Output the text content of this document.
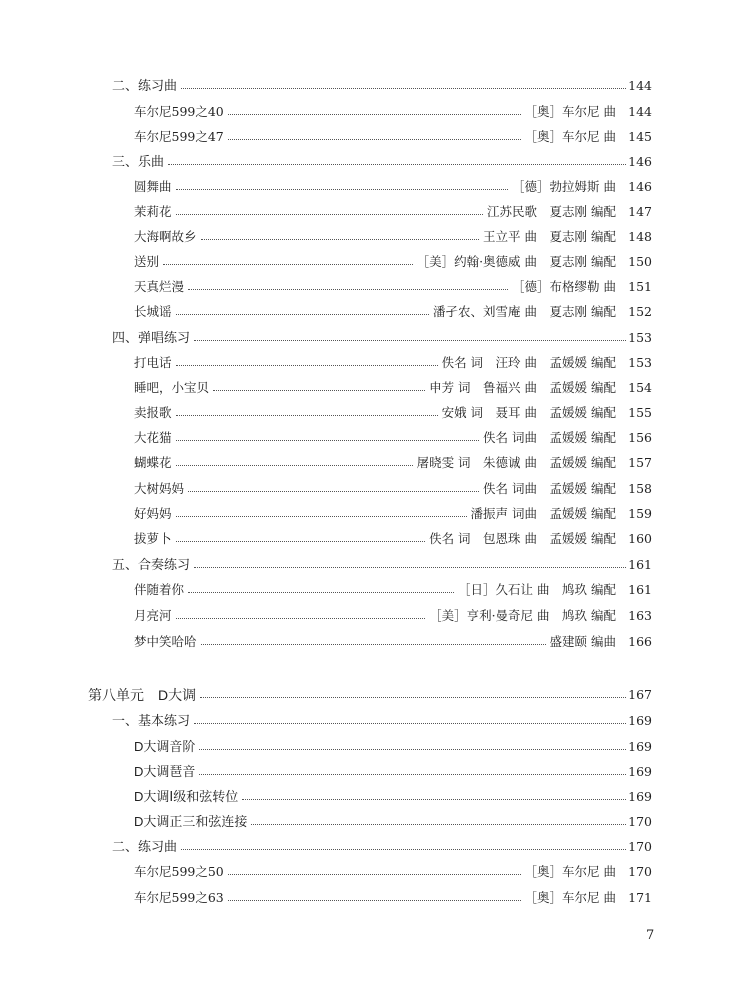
二、练习曲	144
车尔尼599之40	［奥］车尔尼 曲 144
车尔尼599之47	［奥］车尔尼 曲 145
三、乐曲	146
圆舞曲	［德］勃拉姆斯 曲 146
茉莉花	江苏民歌　夏志刚 编配 147
大海啊故乡	王立平 曲　夏志刚 编配 148
送别	［美］约翰·奥德威 曲　夏志刚 编配 150
天真烂漫	［德］布格缪勒 曲 151
长城谣	潘孑农、刘雪庵 曲　夏志刚 编配 152
四、弹唱练习	153
打电话	佚名 词　汪玲 曲　孟媛媛 编配 153
睡吧，小宝贝	申芳 词　鲁福兴 曲　孟媛媛 编配 154
卖报歌	安娥 词　聂耳 曲　孟媛媛 编配 155
大花猫	佚名 词曲　孟媛媛 编配 156
蝴蝶花	屠晓雯 词　朱德诚 曲　孟媛媛 编配 157
大树妈妈	佚名 词曲　孟媛媛 编配 158
好妈妈	潘振声 词曲　孟媛媛 编配 159
拔萝卜	佚名 词　包恩珠 曲　孟媛媛 编配 160
五、合奏练习	161
伴随着你	［日］久石让 曲　鸠玖 编配 161
月亮河	［美］亨利·曼奇尼 曲　鸠玖 编配 163
梦中笑哈哈	盛建颐 编曲 166
第八单元　D大调	167
一、基本练习	169
D大调音阶	169
D大调琶音	169
D大调Ⅰ级和弦转位	169
D大调正三和弦连接	170
二、练习曲	170
车尔尼599之50	［奥］车尔尼 曲 170
车尔尼599之63	［奥］车尔尼 曲 171
7
